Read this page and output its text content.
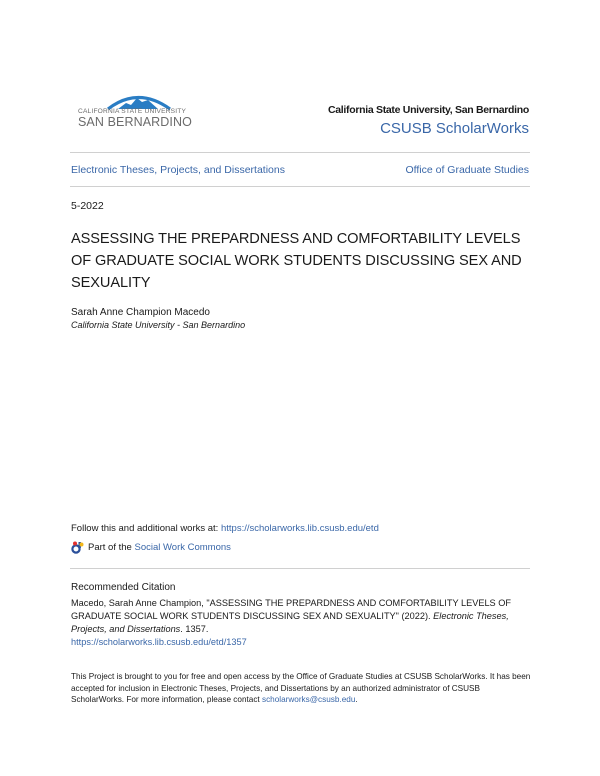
CALIFORNIA STATE UNIVERSITY
SAN BERNARDINO
California State University, San Bernardino
CSUSB ScholarWorks
Electronic Theses, Projects, and Dissertations	Office of Graduate Studies
5-2022
ASSESSING THE PREPARDNESS AND COMFORTABILITY LEVELS OF GRADUATE SOCIAL WORK STUDENTS DISCUSSING SEX AND SEXUALITY
Sarah Anne Champion Macedo
California State University - San Bernardino
Follow this and additional works at: https://scholarworks.lib.csusb.edu/etd
Part of the
Social Work Commons
Recommended Citation
Macedo, Sarah Anne Champion, "ASSESSING THE PREPARDNESS AND COMFORTABILITY LEVELS OF GRADUATE SOCIAL WORK STUDENTS DISCUSSING SEX AND SEXUALITY" (2022). Electronic Theses, Projects, and Dissertations. 1357.
https://scholarworks.lib.csusb.edu/etd/1357
This Project is brought to you for free and open access by the Office of Graduate Studies at CSUSB ScholarWorks. It has been accepted for inclusion in Electronic Theses, Projects, and Dissertations by an authorized administrator of CSUSB ScholarWorks. For more information, please contact scholarworks@csusb.edu.
